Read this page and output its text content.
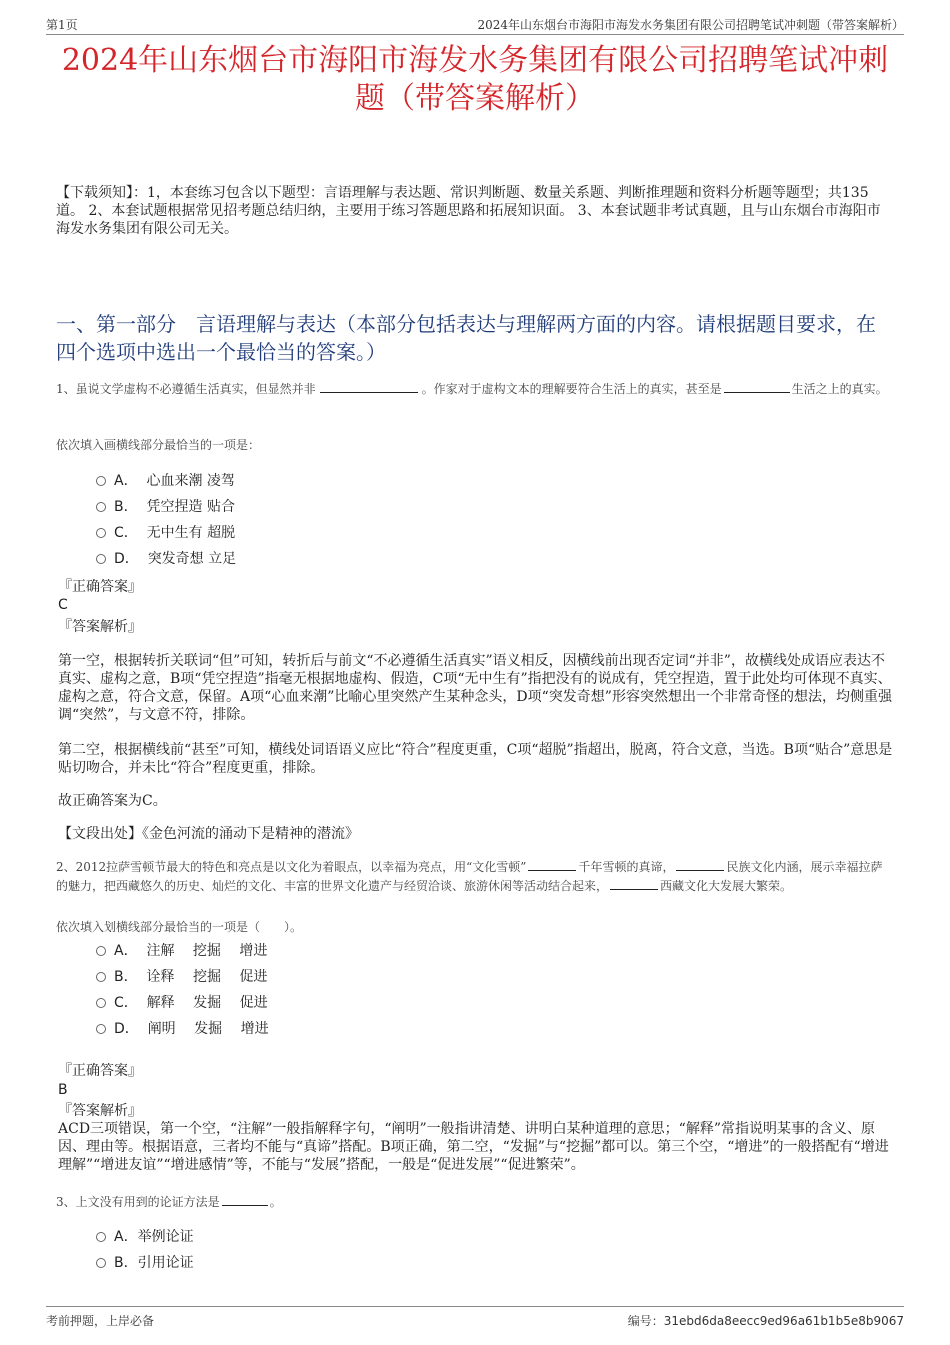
第1页	2024年山东烟台市海阳市海发水务集团有限公司招聘笔试冲刺题（带答案解析）
2024年山东烟台市海阳市海发水务集团有限公司招聘笔试冲刺
题（带答案解析）
【下载须知】：1，本套练习包含以下题型：言语理解与表达题、常识判断题、数量关系题、判断推理题和资料分析题等题型；共135道。 2、本套试题根据常见招考题总结归纳，主要用于练习答题思路和拓展知识面。 3、本套试题非考试真题，且与山东烟台市海阳市海发水务集团有限公司无关。
一、第一部分　言语理解与表达（本部分包括表达与理解两方面的内容。请根据题目要求，在四个选项中选出一个最恰当的答案。）
1、虽说文学虚构不必遵循生活真实，但显然并非	。作家对于虚构文本的理解要符合生活上的真实，甚至是	生活之上的真实。
依次填入画横线部分最恰当的一项是：
A． 心血来潮 凌驾
B． 凭空捏造 贴合
C． 无中生有 超脱
D． 突发奇想 立足
『正确答案』
C
『答案解析』
第一空，根据转折关联词“但”可知，转折后与前文“不必遵循生活真实”语义相反，因横线前出现否定词“并非”，故横线处成语应表达不真实、虚构之意，B项“凭空捏造”指毫无根据地虚构、假造，C项“无中生有”指把没有的说成有，凭空捏造，置于此处均可体现不真实、虚构之意，符合文意，保留。A项“心血来潮”比喻心里突然产生某种念头，D项“突发奇想”形容突然想出一个非常奇怪的想法，均侧重强调“突然”，与文意不符，排除。
第二空，根据横线前“甚至”可知，横线处词语语义应比“符合”程度更重，C项“超脱”指超出，脱离，符合文意，当选。B项“贴合”意思是贴切吻合，并未比“符合”程度更重，排除。
故正确答案为C。
【文段出处】《金色河流的涌动下是精神的潜流》
2、2012拉萨雪顿节最大的特色和亮点是以文化为着眼点，以幸福为亮点，用“文化雪顿”	千年雪顿的真谛，	民族文化内涵，展示幸福拉萨的魅力，把西藏悠久的历史、灿烂的文化、丰富的世界文化遗产与经贸洽谈、旅游休闲等活动结合起来，	西藏文化大发展大繁荣。
依次填入划横线部分最恰当的一项是（　　）。
A． 注解　 挖掘　 增进
B． 诠释　 挖掘　 促进
C． 解释　 发掘　 促进
D． 阐明　 发掘　 增进
『正确答案』
B
『答案解析』
ACD三项错误，第一个空，“注解”一般指解释字句，“阐明”一般指讲清楚、讲明白某种道理的意思；“解释”常指说明某事的含义、原因、理由等。根据语意，三者均不能与“真谛”搭配。B项正确，第二空，“发掘”与“挖掘”都可以。第三个空，“增进”的一般搭配有“增进理解”“增进友谊”“增进感情”等，不能与“发展”搭配，一般是“促进发展”“促进繁荣”。
3、上文没有用到的论证方法是	。
A．举例论证
B．引用论证
考前押题，上岸必备	编号：31ebd6da8eecc9ed96a61b1b5e8b9067
